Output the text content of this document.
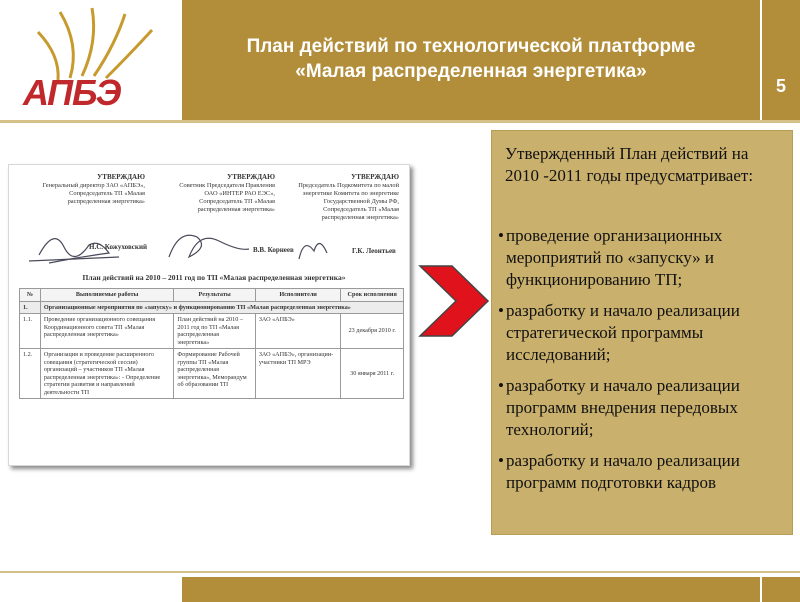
АПБЭ
План действий по технологической платформе
«Малая распределенная энергетика»
5
УТВЕРЖДАЮ
Генеральный директор ЗАО «АПБЭ»,
Сопредседатель ТП «Малая
распределенная энергетика»
УТВЕРЖДАЮ
Советник Председателя Правления
ОАО «ИНТЕР РАО ЕЭС»,
Сопредседатель ТП «Малая
распределенная энергетика»
УТВЕРЖДАЮ
Председатель Подкомитета по малой
энергетике Комитета по энергетике
Государственной Думы РФ,
Сопредседатель ТП «Малая
распределенная энергетика»
Н.С. Кожуховский	В.В. Корнеев	Г.К. Леонтьев
План действий на 2010 – 2011 год по ТП «Малая распределенная энергетика»
№	Выполняемые работы	Результаты	Исполнители	Срок исполнения
1.	Организационные мероприятия по «запуску» и функционированию ТП «Малая распределенная энергетика»			
1.1.	Проведение организационного совещания Координационного совета ТП «Малая распределенная энергетика»	План действий на 2010 – 2011 год по ТП «Малая распределенная энергетика»	ЗАО «АПБЭ»	23 декабря 2010 г.
1.2.	Организация и проведение расширенного совещания (стратегической сессии) организаций – участников ТП «Малая распределенная энергетика»: - Определение стратегии развития и направлений деятельности ТП	Формирование Рабочей группы ТП «Малая распределенная энергетика», Меморандум об образовании ТП	ЗАО «АПБЭ», организации-участники ТП МРЭ	30 января 2011 г.
Утвержденный План действий на 2010 -2011 годы предусматривает:
• проведение организационных мероприятий по «запуску» и функционированию ТП;
• разработку и начало реализации стратегической программы исследований;
• разработку и начало реализации программ внедрения передовых технологий;
• разработку и начало реализации программ подготовки кадров
